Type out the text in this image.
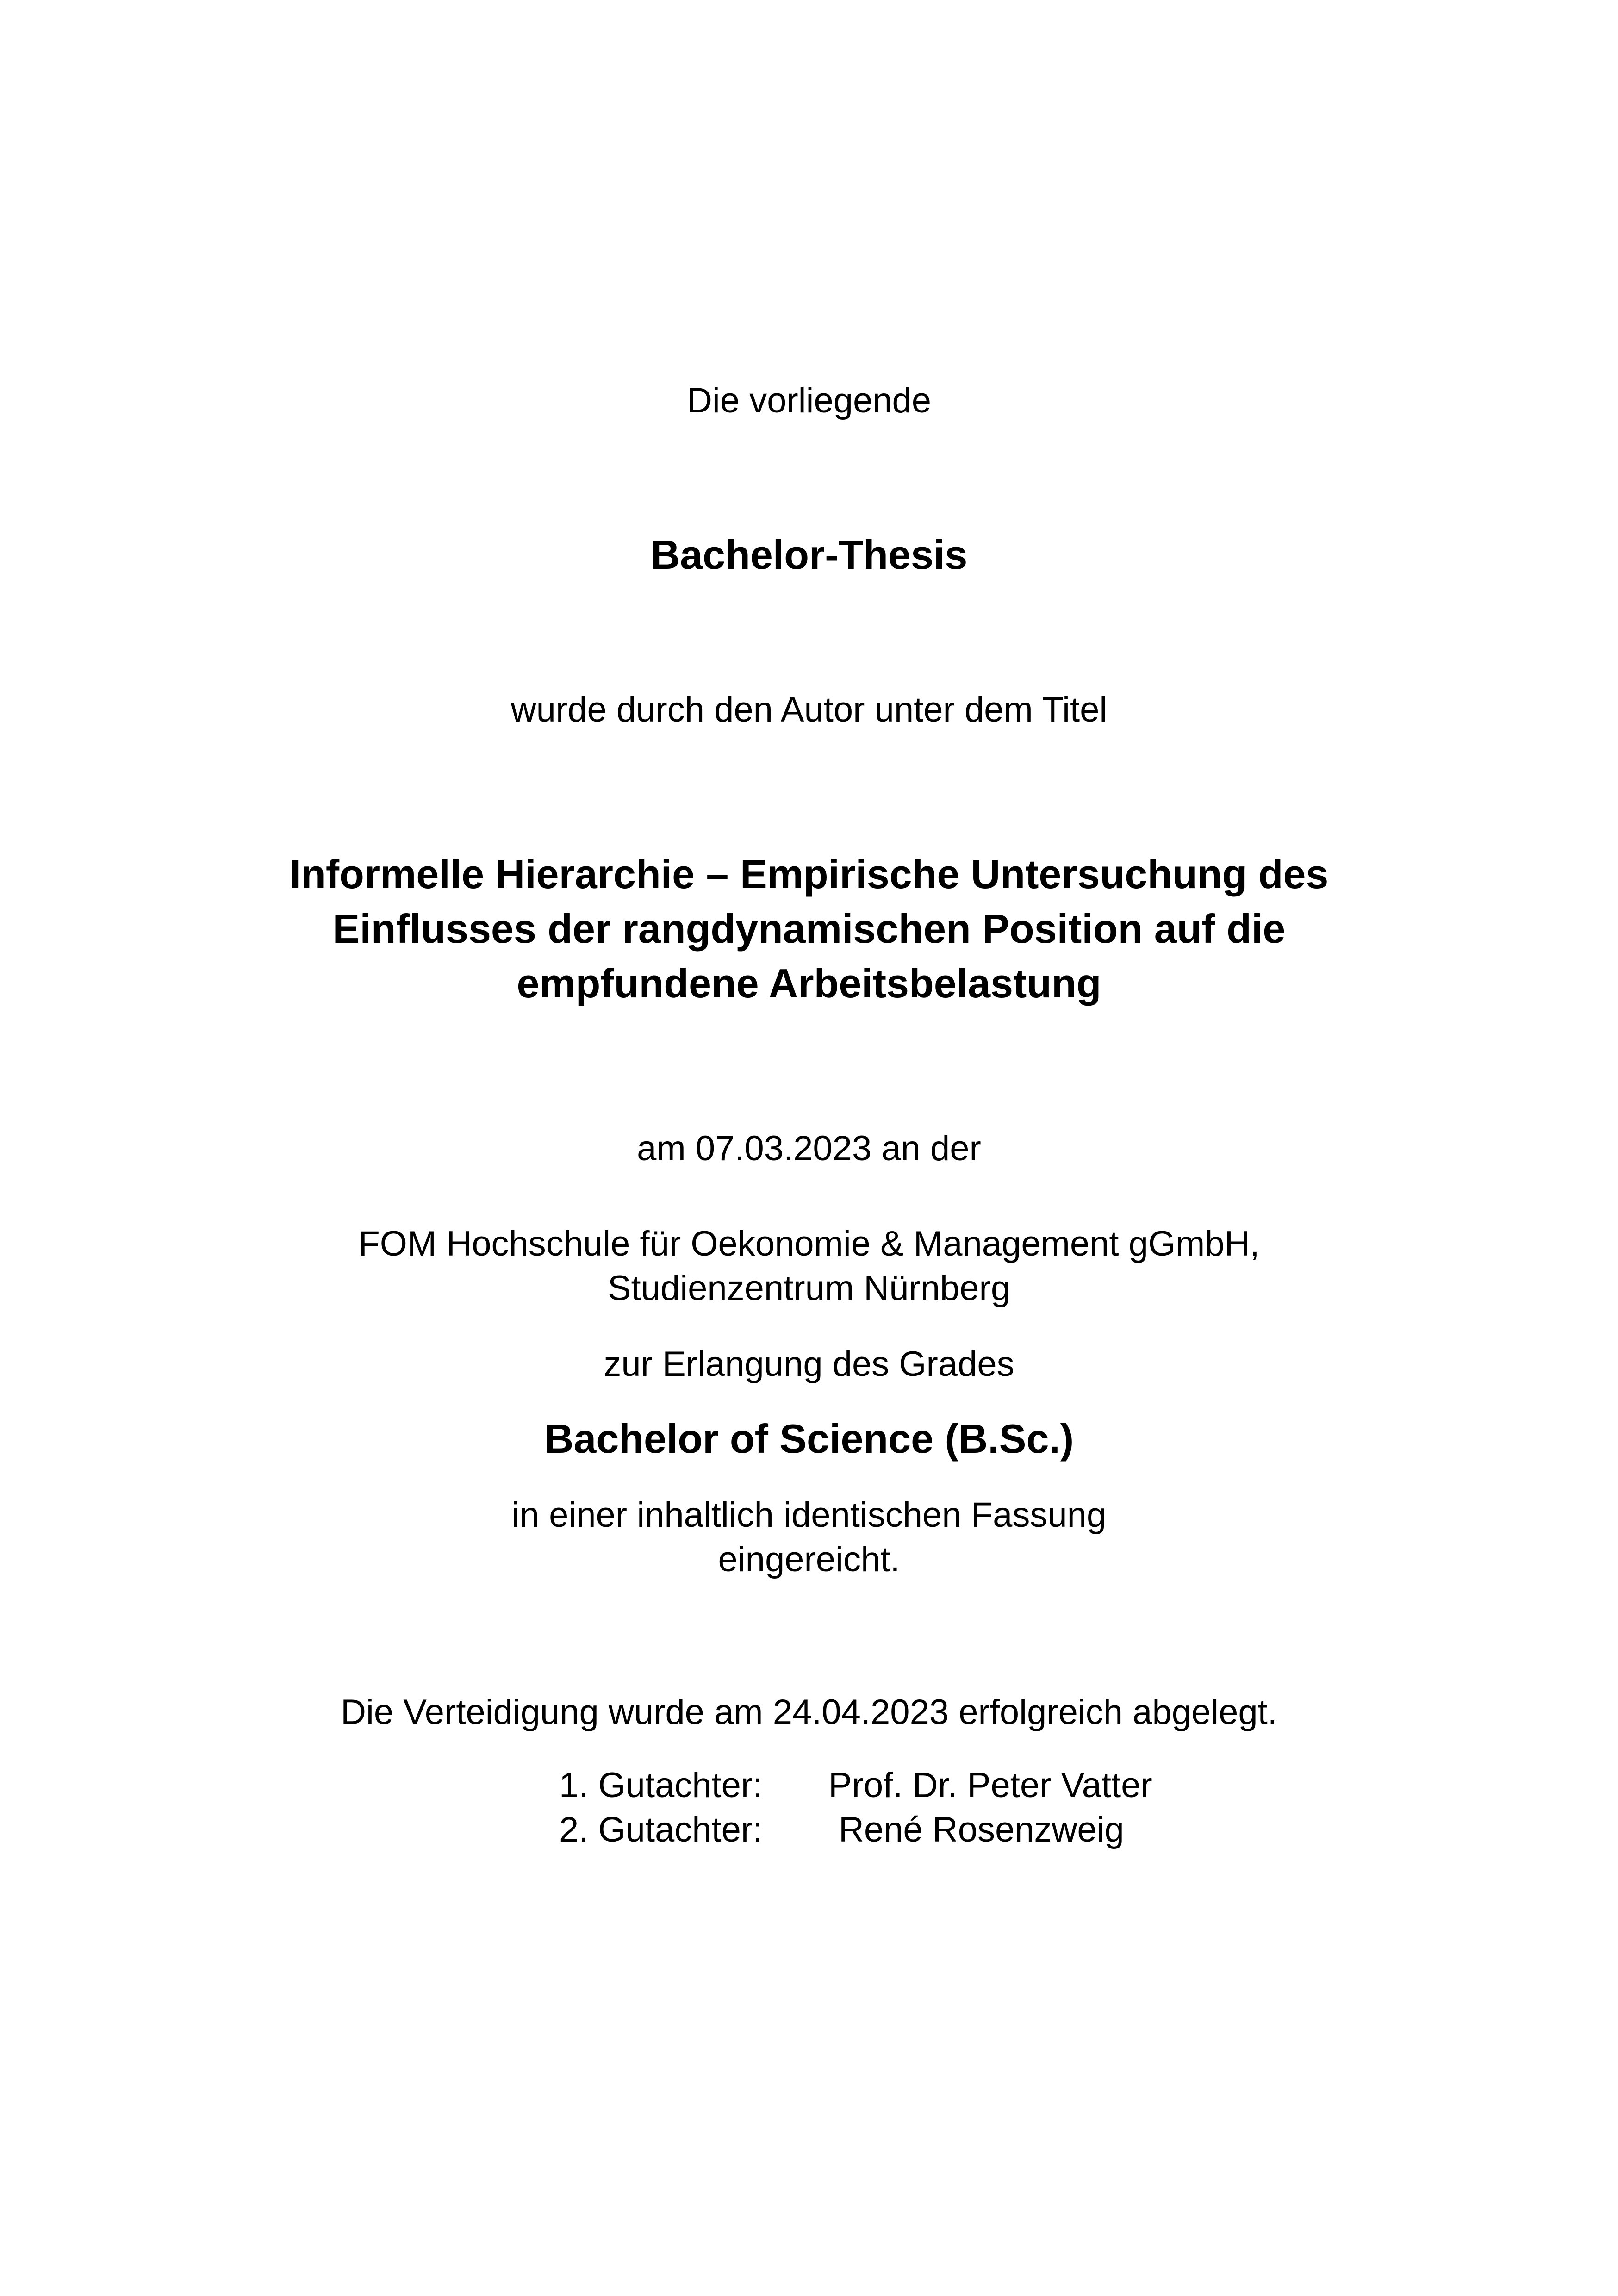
Die vorliegende
Bachelor-Thesis
wurde durch den Autor unter dem Titel
Informelle Hierarchie – Empirische Untersuchung des
Einflusses der rangdynamischen Position auf die
empfundene Arbeitsbelastung
am 07.03.2023 an der
FOM Hochschule für Oekonomie & Management gGmbH,
Studienzentrum Nürnberg
zur Erlangung des Grades
Bachelor of Science (B.Sc.)
in einer inhaltlich identischen Fassung
eingereicht.
Die Verteidigung wurde am 24.04.2023 erfolgreich abgelegt.
1. Gutachter: Prof. Dr. Peter Vatter
2. Gutachter: René Rosenzweig
